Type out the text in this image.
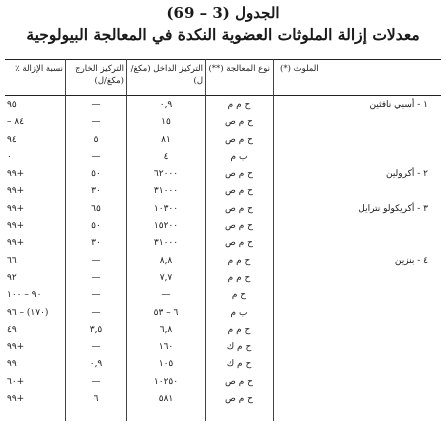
الجدول (3 – 69)
معدلات إزالة الملوثات العضوية النكدة في المعالجة البيولوجية
نسبة الإزالة ٪	التركيز الخارج (مكغ/ل)
التركيز الداخل (مكغ/ل)
نوع المعالجة (**) الملوث (*)
١ - أسبي نافثين
ح م م
٠,٩
—
٩٥
ح م ص
١٥
—
٨٤ –
ح م ص
٨١
٥
٩٤
ب م
٤
—
٠
٢ - أكرولين
ح م ص
٦٢٠٠٠
٥٠
+٩٩
ح م ص
٣١٠٠٠
٣٠
+٩٩
٣ - أكريكولو نترايل
ح م ص
١٠٣٠٠
٦٥
+٩٩
ح م ص
١٥٢٠٠
٥٠
+٩٩
ح م ص
٣١٠٠٠
٣٠
+٩٩
٤ - بنزين
ح م م
٨,٨
—
٦٦
ح م م
٧,٧
—
٩٢
ح م
—
—
٩٠ – ١٠٠
ب م
٦ – ٥٣
—
(١٧٠) – ٩٦
ح م م
٦,٨
٣,٥
٤٩
ح م ك
١٦٠
—
+٩٩
ح م ك
١٠٥
٠,٩
٩٩
ح م ص
١٠٢٥٠
—
+٦٠
ح م ص
٥٨١
٦
+٩٩
